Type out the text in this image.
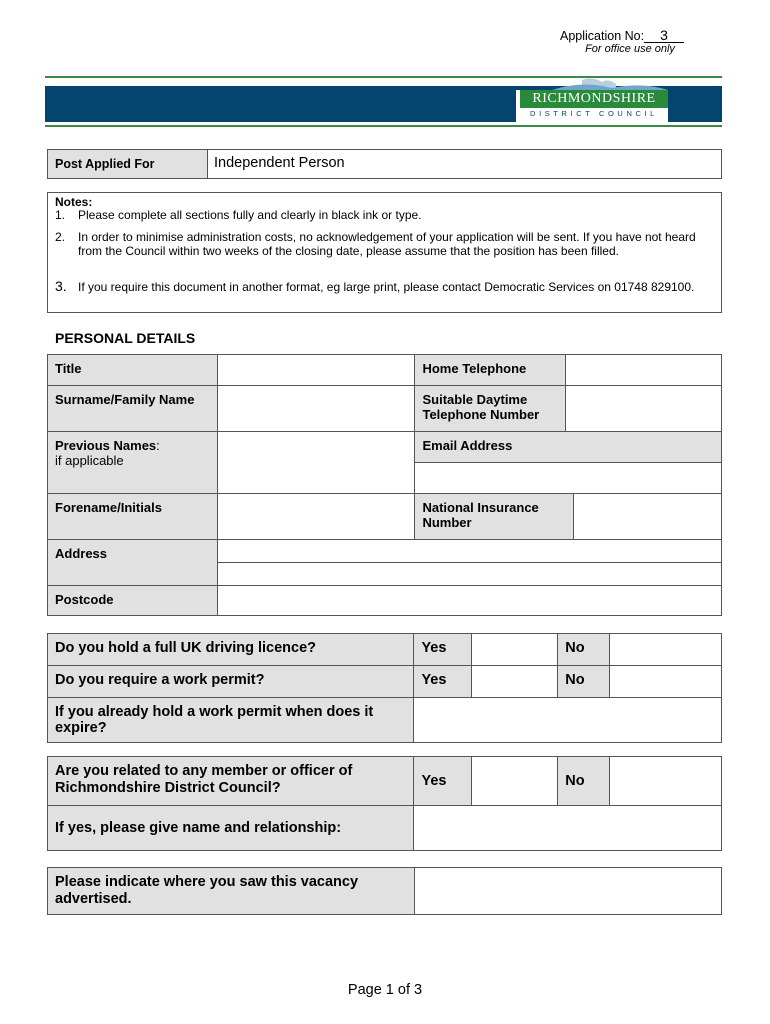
Application No: 3
For office use only
RICHMONDSHIRE
DISTRICT COUNCIL
Post Applied For	Independent Person
Notes:
1.	Please complete all sections fully and clearly in black ink or type.
2.	In order to minimise administration costs, no acknowledgement of your application will be sent. If you have not heard from the Council within two weeks of the closing date, please assume that the position has been filled.
3. If you require this document in another format, eg large print, please contact Democratic Services on 01748 829100.
PERSONAL DETAILS
Title		Home Telephone		
Surname/Family Name		Suitable Daytime Telephone Number		
Previous Names:
if applicable		Email Address		

Forename/Initials		National Insurance Number		
Address				

Postcode				
Do you hold a full UK driving licence?	Yes		No	
Do you require a work permit?	Yes		No	
If you already hold a work permit when does it expire?				
Are you related to any member or officer of Richmondshire District Council?	Yes		No	
If yes, please give name and relationship:				
Please indicate where you saw this vacancy advertised.	
Page 1 of 3
